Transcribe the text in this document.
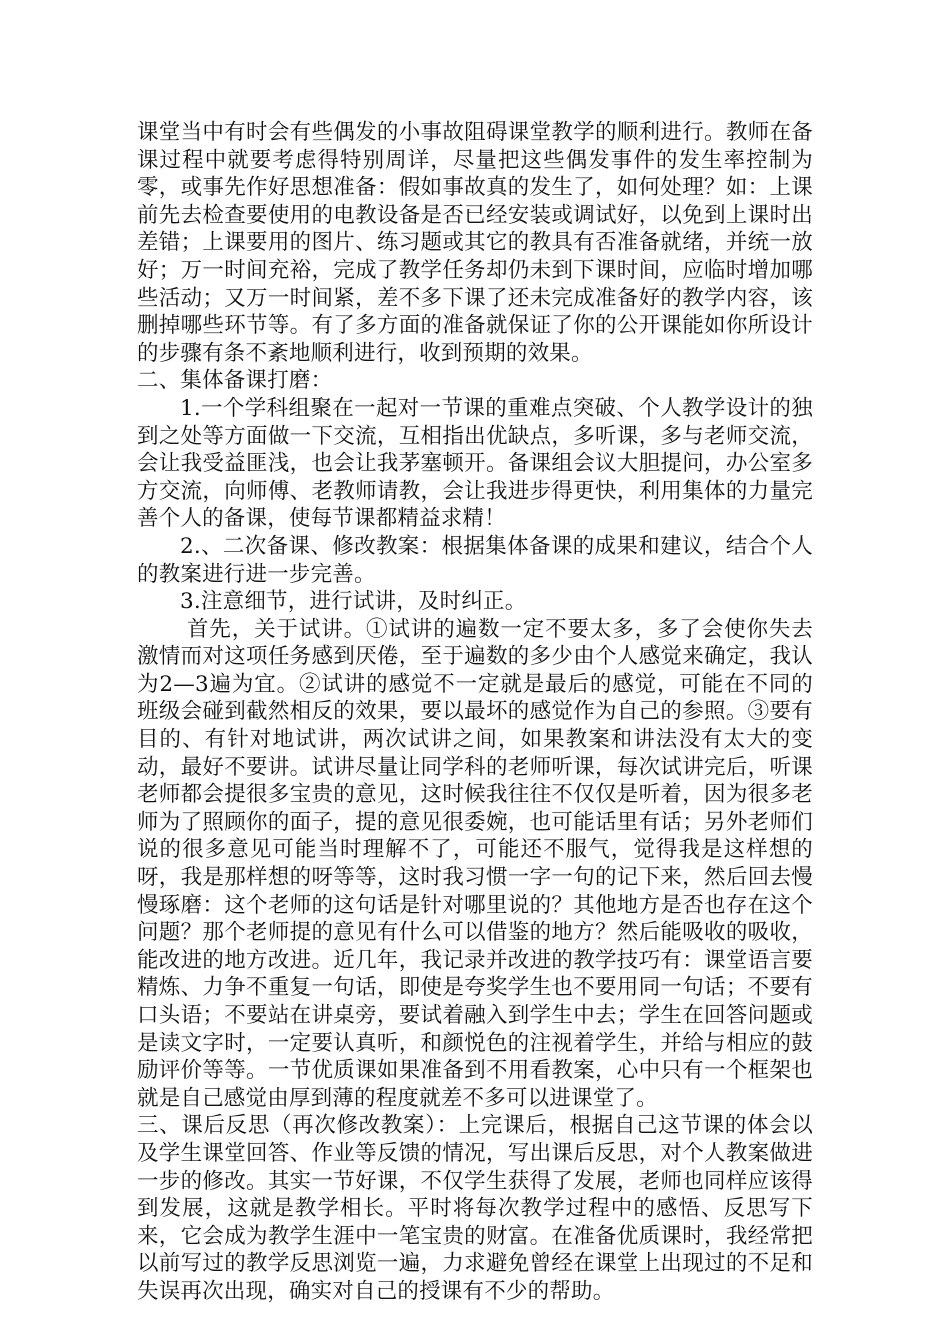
课堂当中有时会有些偶发的小事故阻碍课堂教学的顺利进行。教师在备课过程中就要考虑得特别周详，尽量把这些偶发事件的发生率控制为零，或事先作好思想准备：假如事故真的发生了，如何处理？如：上课前先去检查要使用的电教设备是否已经安装或调试好，以免到上课时出差错；上课要用的图片、练习题或其它的教具有否准备就绪，并统一放好；万一时间充裕，完成了教学任务却仍未到下课时间，应临时增加哪些活动；又万一时间紧，差不多下课了还未完成准备好的教学内容，该删掉哪些环节等。有了多方面的准备就保证了你的公开课能如你所设计的步骤有条不紊地顺利进行，收到预期的效果。

二、集体备课打磨：

1.一个学科组聚在一起对一节课的重难点突破、个人教学设计的独到之处等方面做一下交流，互相指出优缺点，多听课，多与老师交流，会让我受益匪浅，也会让我茅塞顿开。备课组会议大胆提问，办公室多方交流，向师傅、老教师请教，会让我进步得更快，利用集体的力量完善个人的备课，使每节课都精益求精！

2.、二次备课、修改教案：根据集体备课的成果和建议，结合个人的教案进行进一步完善。

3.注意细节，进行试讲，及时纠正。

首先，关于试讲。①试讲的遍数一定不要太多，多了会使你失去激情而对这项任务感到厌倦，至于遍数的多少由个人感觉来确定，我认为2—3遍为宜。②试讲的感觉不一定就是最后的感觉，可能在不同的班级会碰到截然相反的效果，要以最坏的感觉作为自己的参照。③要有目的、有针对地试讲，两次试讲之间，如果教案和讲法没有太大的变动，最好不要讲。试讲尽量让同学科的老师听课，每次试讲完后，听课老师都会提很多宝贵的意见，这时候我往往不仅仅是听着，因为很多老师为了照顾你的面子，提的意见很委婉，也可能话里有话；另外老师们说的很多意见可能当时理解不了，可能还不服气，觉得我是这样想的呀，我是那样想的呀等等，这时我习惯一字一句的记下来，然后回去慢慢琢磨：这个老师的这句话是针对哪里说的？其他地方是否也存在这个问题？那个老师提的意见有什么可以借鉴的地方？然后能吸收的吸收，能改进的地方改进。近几年，我记录并改进的教学技巧有：课堂语言要精炼、力争不重复一句话，即使是夸奖学生也不要用同一句话；不要有口头语；不要站在讲桌旁，要试着融入到学生中去；学生在回答问题或是读文字时，一定要认真听，和颜悦色的注视着学生，并给与相应的鼓励评价等等。一节优质课如果准备到不用看教案，心中只有一个框架也就是自己感觉由厚到薄的程度就差不多可以进课堂了。

三、课后反思（再次修改教案）：上完课后，根据自己这节课的体会以及学生课堂回答、作业等反馈的情况，写出课后反思，对个人教案做进一步的修改。其实一节好课，不仅学生获得了发展，老师也同样应该得到发展，这就是教学相长。平时将每次教学过程中的感悟、反思写下来，它会成为教学生涯中一笔宝贵的财富。在准备优质课时，我经常把以前写过的教学反思浏览一遍，力求避免曾经在课堂上出现过的不足和失误再次出现，确实对自己的授课有不少的帮助。
